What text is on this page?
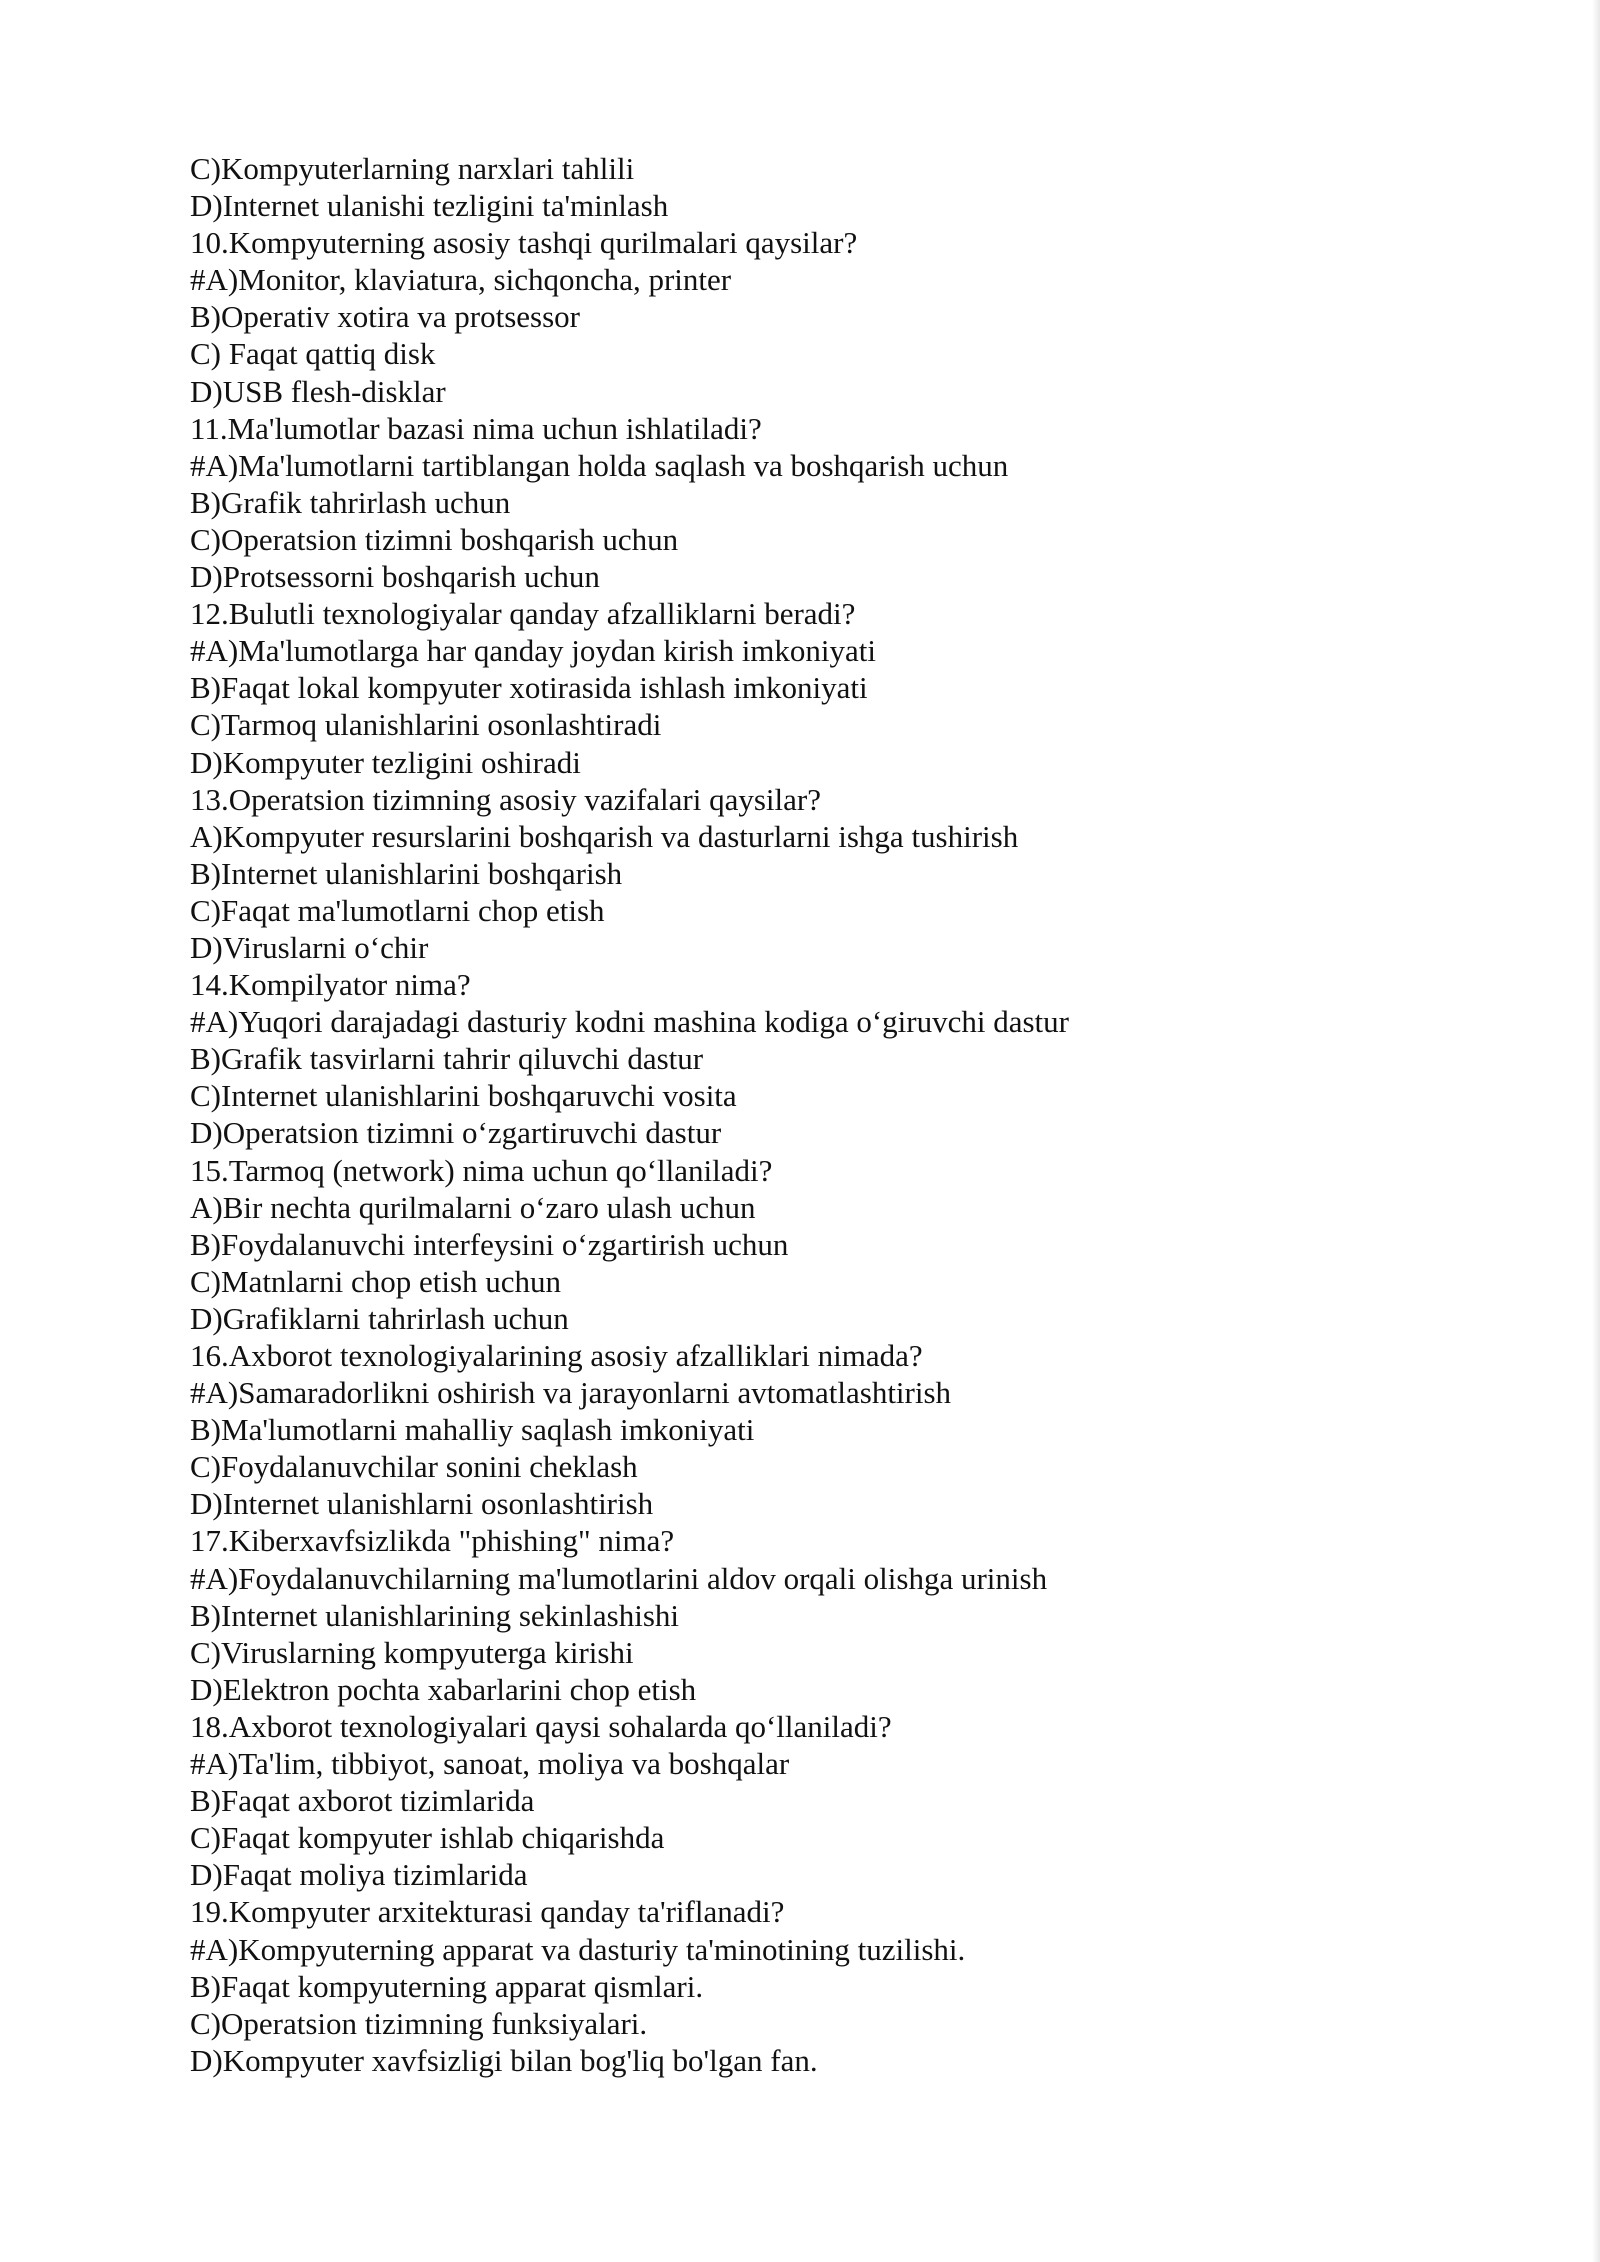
C)Kompyuterlarning narxlari tahlili
D)Internet ulanishi tezligini ta'minlash
10.Kompyuterning asosiy tashqi qurilmalari qaysilar?
#A)Monitor, klaviatura, sichqoncha, printer
B)Operativ xotira va protsessor
C) Faqat qattiq disk
D)USB flesh-disklar
11.Ma'lumotlar bazasi nima uchun ishlatiladi?
#A)Ma'lumotlarni tartiblangan holda saqlash va boshqarish uchun
B)Grafik tahrirlash uchun
C)Operatsion tizimni boshqarish uchun
D)Protsessorni boshqarish uchun
12.Bulutli texnologiyalar qanday afzalliklarni beradi?
#A)Ma'lumotlarga har qanday joydan kirish imkoniyati
B)Faqat lokal kompyuter xotirasida ishlash imkoniyati
C)Tarmoq ulanishlarini osonlashtiradi
D)Kompyuter tezligini oshiradi
13.Operatsion tizimning asosiy vazifalari qaysilar?
A)Kompyuter resurslarini boshqarish va dasturlarni ishga tushirish
B)Internet ulanishlarini boshqarish
C)Faqat ma'lumotlarni chop etish
D)Viruslarni o‘chir
14.Kompilyator nima?
#A)Yuqori darajadagi dasturiy kodni mashina kodiga o‘giruvchi dastur
B)Grafik tasvirlarni tahrir qiluvchi dastur
C)Internet ulanishlarini boshqaruvchi vosita
D)Operatsion tizimni o‘zgartiruvchi dastur
15.Tarmoq (network) nima uchun qo‘llaniladi?
A)Bir nechta qurilmalarni o‘zaro ulash uchun
B)Foydalanuvchi interfeysini o‘zgartirish uchun
C)Matnlarni chop etish uchun
D)Grafiklarni tahrirlash uchun
16.Axborot texnologiyalarining asosiy afzalliklari nimada?
#A)Samaradorlikni oshirish va jarayonlarni avtomatlashtirish
B)Ma'lumotlarni mahalliy saqlash imkoniyati
C)Foydalanuvchilar sonini cheklash
D)Internet ulanishlarni osonlashtirish
17.Kiberxavfsizlikda "phishing" nima?
#A)Foydalanuvchilarning ma'lumotlarini aldov orqali olishga urinish
B)Internet ulanishlarining sekinlashishi
C)Viruslarning kompyuterga kirishi
D)Elektron pochta xabarlarini chop etish
18.Axborot texnologiyalari qaysi sohalarda qo‘llaniladi?
#A)Ta'lim, tibbiyot, sanoat, moliya va boshqalar
B)Faqat axborot tizimlarida
C)Faqat kompyuter ishlab chiqarishda
D)Faqat moliya tizimlarida
19.Kompyuter arxitekturasi qanday ta'riflanadi?
#A)Kompyuterning apparat va dasturiy ta'minotining tuzilishi.
B)Faqat kompyuterning apparat qismlari.
C)Operatsion tizimning funksiyalari.
D)Kompyuter xavfsizligi bilan bog'liq bo'lgan fan.
